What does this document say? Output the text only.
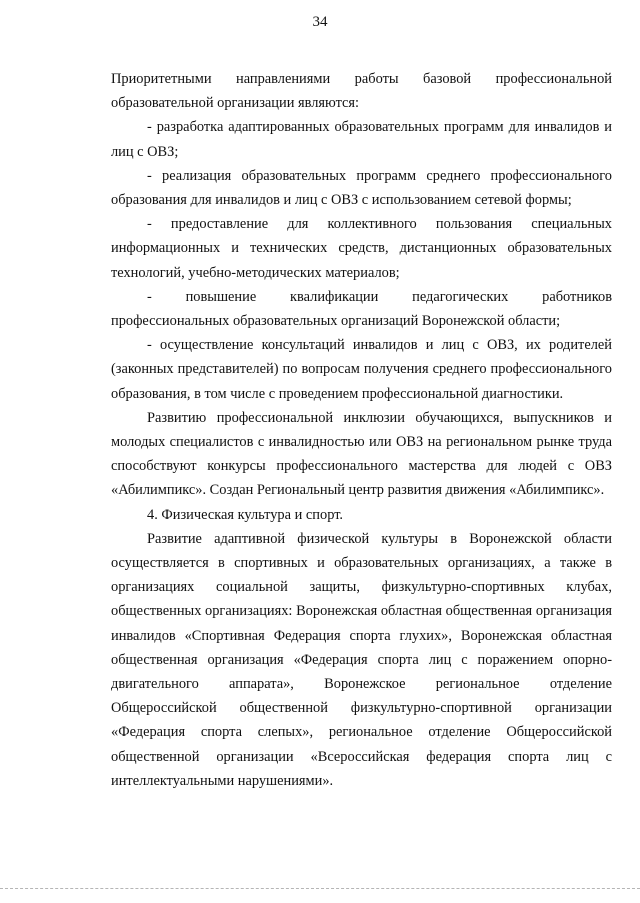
34

Приоритетными направлениями работы базовой профессиональной образовательной организации являются:

- разработка адаптированных образовательных программ для инвалидов и лиц с ОВЗ;

- реализация образовательных программ среднего профессионального образования для инвалидов и лиц с ОВЗ с использованием сетевой формы;

- предоставление для коллективного пользования специальных информационных и технических средств, дистанционных образовательных технологий, учебно-методических материалов;

- повышение квалификации педагогических работников профессиональных образовательных организаций Воронежской области;

- осуществление консультаций инвалидов и лиц с ОВЗ, их родителей (законных представителей) по вопросам получения среднего профессионального образования, в том числе с проведением профессиональной диагностики.

Развитию профессиональной инклюзии обучающихся, выпускников и молодых специалистов с инвалидностью или ОВЗ на региональном рынке труда способствуют конкурсы профессионального мастерства для людей с ОВЗ «Абилимпикс». Создан Региональный центр развития движения «Абилимпикс».

4. Физическая культура и спорт.

Развитие адаптивной физической культуры в Воронежской области осуществляется в спортивных и образовательных организациях, а также в организациях социальной защиты, физкультурно-спортивных клубах, общественных организациях: Воронежская областная общественная организация инвалидов «Спортивная Федерация спорта глухих», Воронежская областная общественная организация «Федерация спорта лиц с поражением опорно-двигательного аппарата», Воронежское региональное отделение Общероссийской общественной физкультурно-спортивной организации «Федерация спорта слепых», региональное отделение Общероссийской общественной организации «Всероссийская федерация спорта лиц с интеллектуальными нарушениями».
